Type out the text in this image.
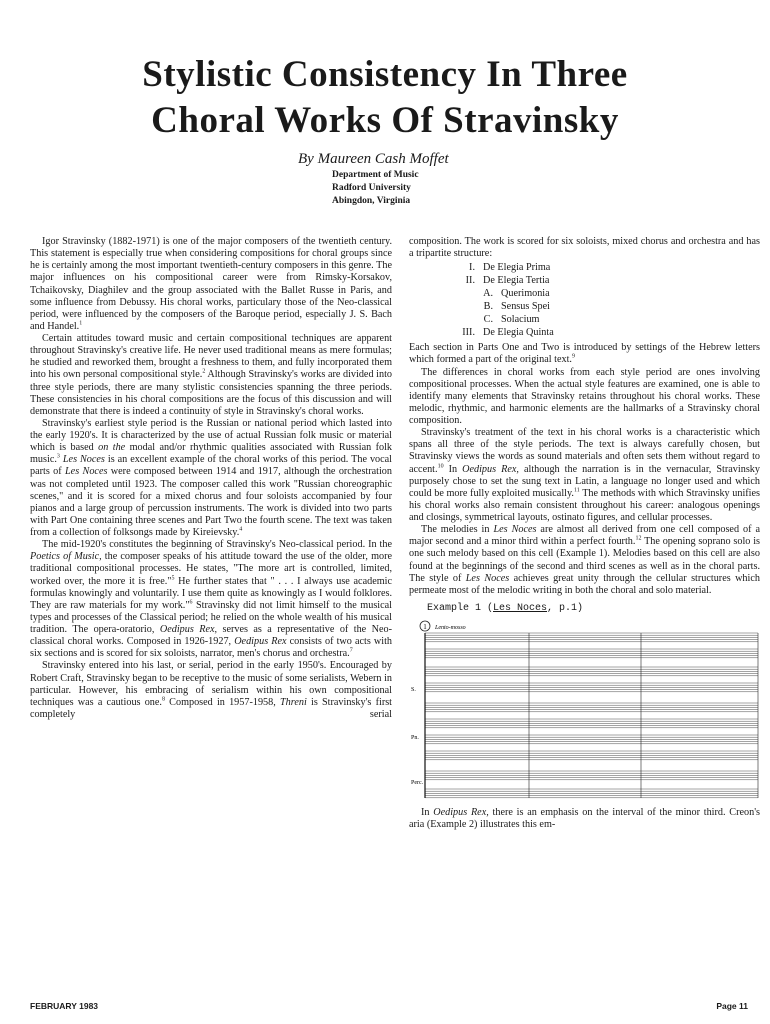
Stylistic Consistency In Three
Choral Works Of Stravinsky
By Maureen Cash Moffet
Department of Music
Radford University
Abingdon, Virginia

Igor Stravinsky (1882-1971) is one of the major composers of the twentieth century. This statement is especially true when considering compositions for choral groups since he is certainly among the most important twentieth-century composers in this genre. The major influences on his compositional career were from Rimsky-Korsakov, Tchaikovsky, Diaghilev and the group associated with the Ballet Russe in Paris, and some influence from Debussy. His choral works, particulary those of the Neo-classical period, were influenced by the composers of the Baroque period, especially J. S. Bach and Handel.$^1$

Certain attitudes toward music and certain compositional techniques are apparent throughout Stravinsky's creative life. He never used traditional means as mere formulas; he studied and reworked them, brought a freshness to them, and fully incorporated them into his own personal compositional style.$^2$ Although Stravinsky's works are divided into three style periods, there are many stylistic consistencies spanning the three periods. These consistencies in his choral compositions are the focus of this discussion and will demonstrate that there is indeed a continuity of style in Stravinsky's choral works.

Stravinsky's earliest style period is the Russian or national period which lasted into the early 1920's. It is characterized by the use of actual Russian folk music or material which is based on the modal and/or rhythmic qualities associated with Russian folk music.$^3$ Les Noces is an excellent example of the choral works of this period. The vocal parts of Les Noces were composed between 1914 and 1917, although the orchestration was not completed until 1923. The composer called this work "Russian choreographic scenes," and it is scored for a mixed chorus and four soloists accompanied by four pianos and a large group of percussion instruments. The work is divided into two parts with Part One containing three scenes and Part Two the fourth scene. The text was taken from a collection of folksongs made by Kireievsky.$^4$

The mid-1920's constitutes the beginning of Stravinsky's Neo-classical period. In the Poetics of Music, the composer speaks of his attitude toward the use of the older, more traditional compositional processes. He states, "The more art is controlled, limited, worked over, the more it is free."$^5$ He further states that " . . . I always use academic formulas knowingly and voluntarily. I use them quite as knowingly as I would folklores. They are raw materials for my work."$^6$ Stravinsky did not limit himself to the musical types and processes of the Classical period; he relied on the whole wealth of his musical tradition. The opera-oratorio, Oedipus Rex, serves as a representative of the Neo-classical choral works. Composed in 1926-1927, Oedipus Rex consists of two acts with six sections and is scored for six soloists, narrator, men's chorus and orchestra.$^7$

Stravinsky entered into his last, or serial, period in the early 1950's. Encouraged by Robert Craft, Stravinsky began to be receptive to the music of some serialists, Webern in particular. However, his embracing of serialism within his own compositional techniques was a cautious one.$^8$ Composed in 1957-1958, Threni is Stravinsky's first completely serial

composition. The work is scored for six soloists, mixed chorus and orchestra and has a tripartite structure:

I. De Elegia Prima
II. De Elegia Tertia
A. Querimonia
B. Sensus Spei
C. Solacium
III. De Elegia Quinta

Each section in Parts One and Two is introduced by settings of the Hebrew letters which formed a part of the original text.$^9$

The differences in choral works from each style period are ones involving compositional processes. When the actual style features are examined, one is able to identify many elements that Stravinsky retains throughout his choral works. These melodic, rhythmic, and harmonic elements are the hallmarks of a Stravinsky choral composition.

Stravinsky's treatment of the text in his choral works is a characteristic which spans all three of the style periods. The text is always carefully chosen, but Stravinsky views the words as sound materials and often sets them without regard to accent.$^{10}$ In Oedipus Rex, although the narration is in the vernacular, Stravinsky purposely chose to set the sung text in Latin, a language no longer used and which could be more fully exploited musically.$^{11}$ The methods with which Stravinsky unifies his choral works also remain consistent throughout his career: analogous openings and closings, symmetrical layouts, ostinato figures, and cellular processes.

The melodies in Les Noces are almost all derived from one cell composed of a major second and a minor third within a perfect fourth.$^{12}$ The opening soprano solo is one such melody based on this cell (Example 1). Melodies based on this cell are also found at the beginnings of the second and third scenes as well as in the choral parts. The style of Les Noces achieves great unity through the cellular structures which permeate most of the melodic writing in both the choral and solo material.

Example 1 (Les Noces, p.1)
1 Lento-mosso
S.
Pn.
Perc.

In Oedipus Rex, there is an emphasis on the interval of the minor third. Creon's aria (Example 2) illustrates this em-

FEBRUARY 1983	Page 11
